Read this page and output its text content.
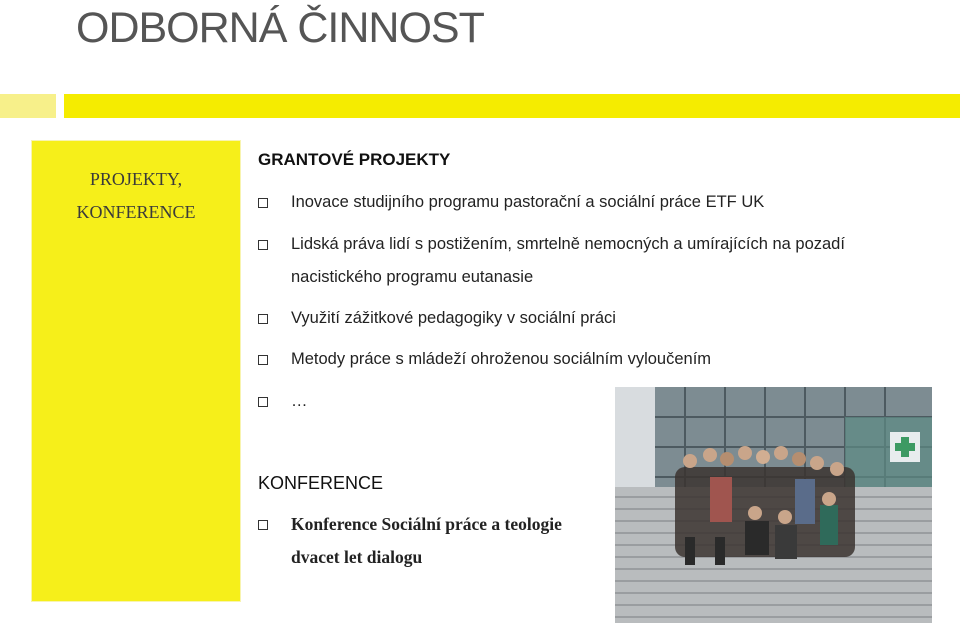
ODBORNÁ ČINNOST
PROJEKTY,
KONFERENCE
GRANTOVÉ PROJEKTY
Inovace studijního programu pastorační a sociální práce ETF UK
Lidská práva lidí s postižením, smrtelně nemocných a umírajících na pozadí nacistického programu eutanasie
Využití zážitkové pedagogiky v sociální práci
Metody práce s mládeží ohroženou sociálním vyloučením
…
KONFERENCE
Konference Sociální práce a teologie dvacet let dialogu
